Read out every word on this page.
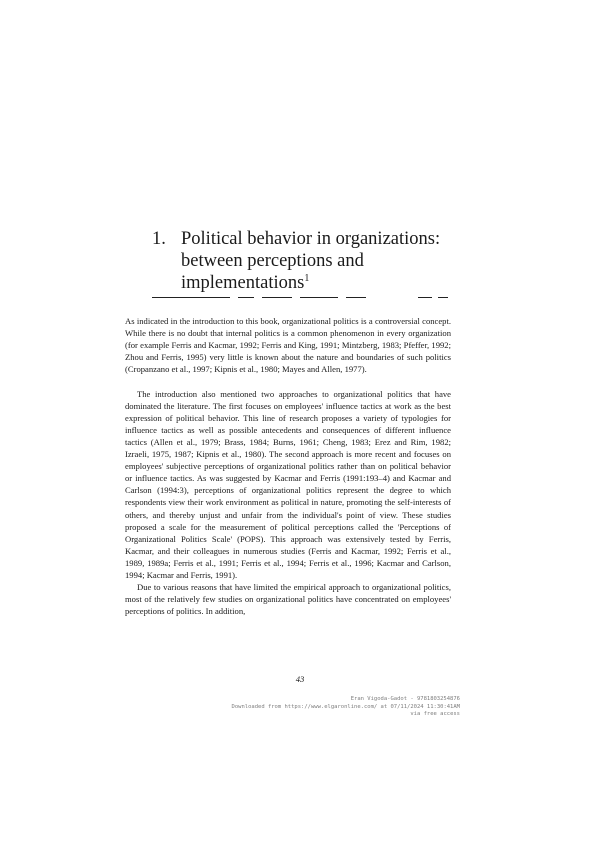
1. Political behavior in organizations:
between perceptions and
implementations$^1$

As indicated in the introduction to this book, organizational politics is a controversial concept. While there is no doubt that internal politics is a common phenomenon in every organization (for example Ferris and Kacmar, 1992; Ferris and King, 1991; Mintzberg, 1983; Pfeffer, 1992; Zhou and Ferris, 1995) very little is known about the nature and boundaries of such politics (Cropanzano et al., 1997; Kipnis et al., 1980; Mayes and Allen, 1977).

The introduction also mentioned two approaches to organizational politics that have dominated the literature. The first focuses on employees' influence tactics at work as the best expression of political behavior. This line of research proposes a variety of typologies for influence tactics as well as possible antecedents and consequences of different influence tactics (Allen et al., 1979; Brass, 1984; Burns, 1961; Cheng, 1983; Erez and Rim, 1982; Izraeli, 1975, 1987; Kipnis et al., 1980). The second approach is more recent and focuses on employees' subjective perceptions of organizational politics rather than on political behavior or influence tactics. As was suggested by Kacmar and Ferris (1991:193–4) and Kacmar and Carlson (1994:3), perceptions of organizational politics represent the degree to which respondents view their work environment as political in nature, promoting the self-interests of others, and thereby unjust and unfair from the individual's point of view. These studies proposed a scale for the measurement of political perceptions called the 'Perceptions of Organizational Politics Scale' (POPS). This approach was extensively tested by Ferris, Kacmar, and their colleagues in numerous studies (Ferris and Kacmar, 1992; Ferris et al., 1989, 1989a; Ferris et al., 1991; Ferris et al., 1994; Ferris et al., 1996; Kacmar and Carlson, 1994; Kacmar and Ferris, 1991).

Due to various reasons that have limited the empirical approach to organizational politics, most of the relatively few studies on organizational politics have concentrated on employees' perceptions of politics. In addition,

43
Eran Vigoda-Gadot - 9781803254876
Downloaded from https://www.elgaronline.com/ at 07/11/2024 11:30:41AM
via free access
